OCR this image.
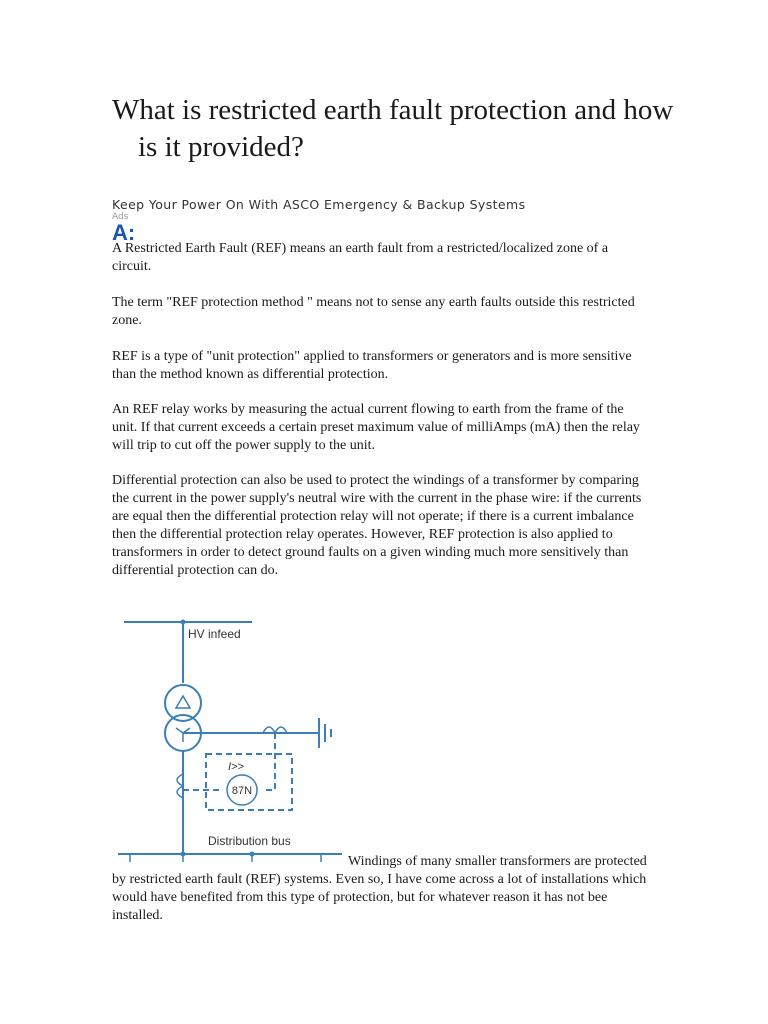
What is restricted earth fault protection and how is it provided?
Keep Your Power On With ASCO Emergency & Backup Systems
Ads
A:

A Restricted Earth Fault (REF) means an earth fault from a restricted/localized zone of a circuit.

The term "REF protection method " means not to sense any earth faults outside this restricted zone.

REF is a type of "unit protection" applied to transformers or generators and is more sensitive than the method known as differential protection.

An REF relay works by measuring the actual current flowing to earth from the frame of the unit. If that current exceeds a certain preset maximum value of milliAmps (mA) then the relay will trip to cut off the power supply to the unit.

Differential protection can also be used to protect the windings of a transformer by comparing the current in the power supply's neutral wire with the current in the phase wire: if the currents are equal then the differential protection relay will not operate; if there is a current imbalance then the differential protection relay operates. However, REF protection is also applied to transformers in order to detect ground faults on a given winding much more sensitively than differential protection can do.

HV infeed
I>>
87N
Distribution bus

Windings of many smaller transformers are protected by restricted earth fault (REF) systems. Even so, I have come across a lot of installations which would have benefited from this type of protection, but for whatever reason it has not bee installed.
